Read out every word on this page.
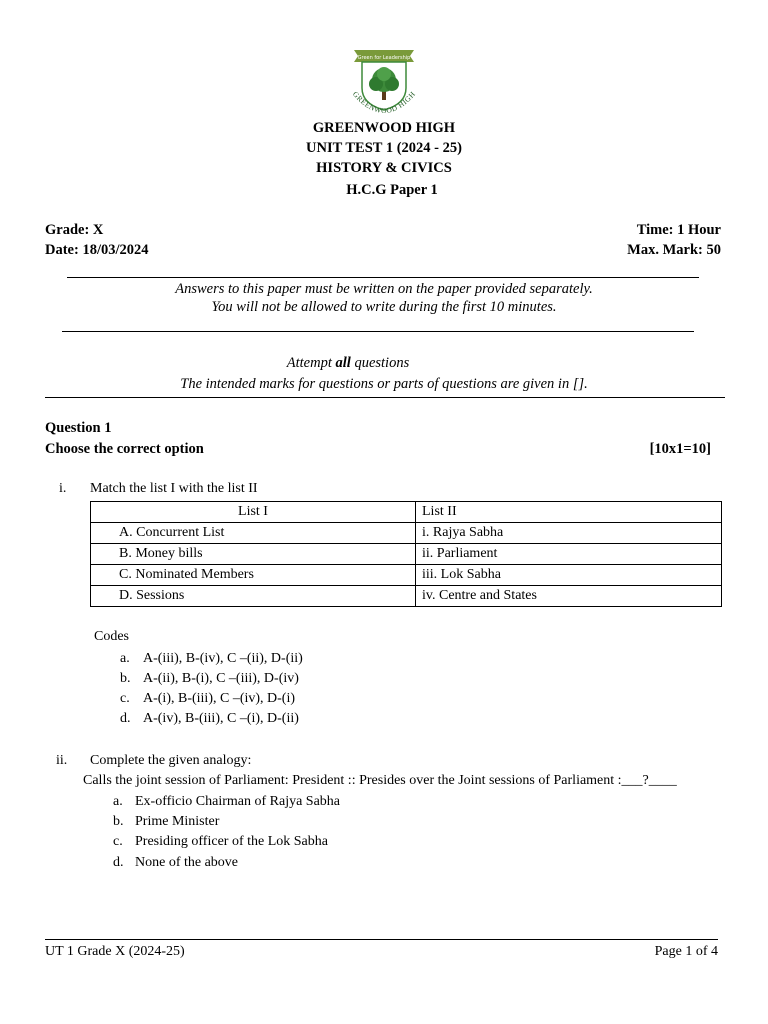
Green for Leadership
GREENWOOD HIGH
GREENWOOD HIGH
UNIT TEST 1 (2024 - 25)
HISTORY & CIVICS
H.C.G Paper 1
Grade: X
Date: 18/03/2024
Time: 1 Hour
Max. Mark: 50
Answers to this paper must be written on the paper provided separately.
You will not be allowed to write during the first 10 minutes.
Attempt all questions
The intended marks for questions or parts of questions are given in [].
Question 1
Choose the correct option	[10x1=10]
i. Match the list I with the list II
List I	List II
A. Concurrent List	i. Rajya Sabha
B. Money bills	ii. Parliament
C. Nominated Members	iii. Lok Sabha
D. Sessions	iv. Centre and States
Codes
a. A-(iii), B-(iv), C –(ii), D-(ii)
b. A-(ii), B-(i), C –(iii), D-(iv)
c. A-(i), B-(iii), C –(iv), D-(i)
d. A-(iv), B-(iii), C –(i), D-(ii)
ii. Complete the given analogy:
Calls the joint session of Parliament: President :: Presides over the Joint sessions of Parliament :___?____
a. Ex-officio Chairman of Rajya Sabha
b. Prime Minister
c. Presiding officer of the Lok Sabha
d. None of the above
UT 1 Grade X (2024-25)	Page 1 of 4
